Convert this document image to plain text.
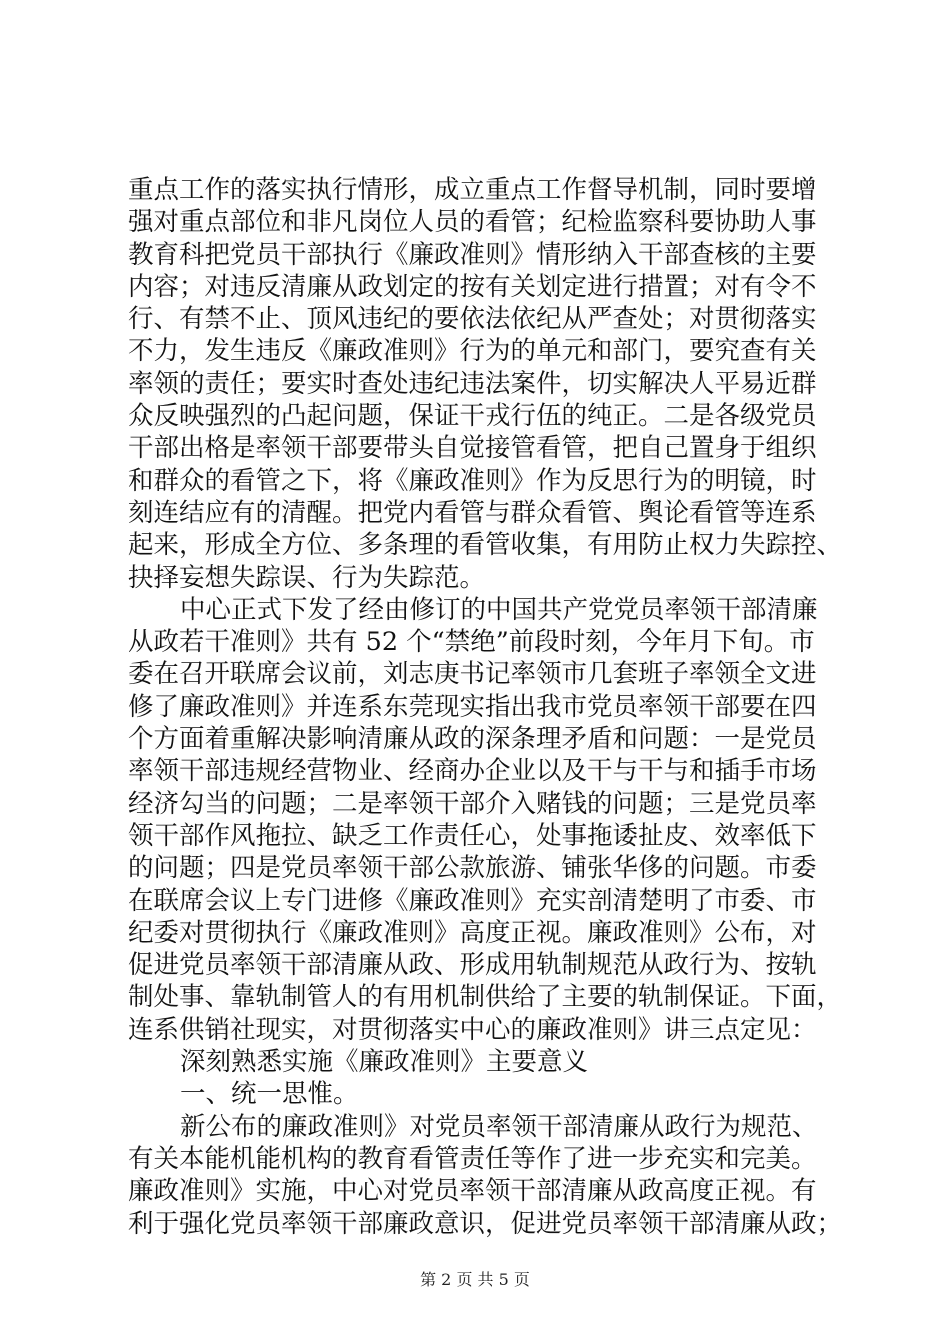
重点工作的落实执行情形，成立重点工作督导机制，同时要增
强对重点部位和非凡岗位人员的看管；纪检监察科要协助人事
教育科把党员干部执行《廉政准则》情形纳入干部查核的主要
内容；对违反清廉从政划定的按有关划定进行措置；对有令不
行、有禁不止、顶风违纪的要依法依纪从严查处；对贯彻落实
不力，发生违反《廉政准则》行为的单元和部门，要究查有关
率领的责任；要实时查处违纪违法案件，切实解决人平易近群
众反映强烈的凸起问题，保证干戎行伍的纯正。二是各级党员
干部出格是率领干部要带头自觉接管看管，把自己置身于组织
和群众的看管之下，将《廉政准则》作为反思行为的明镜，时
刻连结应有的清醒。把党内看管与群众看管、舆论看管等连系
起来，形成全方位、多条理的看管收集，有用防止权力失踪控、
抉择妄想失踪误、行为失踪范。
中心正式下发了经由修订的中国共产党党员率领干部清廉
从政若干准则》共有 52 个“禁绝”前段时刻，今年月下旬。市
委在召开联席会议前，刘志庚书记率领市几套班子率领全文进
修了廉政准则》并连系东莞现实指出我市党员率领干部要在四
个方面着重解决影响清廉从政的深条理矛盾和问题：一是党员
率领干部违规经营物业、经商办企业以及干与干与和插手市场
经济勾当的问题；二是率领干部介入赌钱的问题；三是党员率
领干部作风拖拉、缺乏工作责任心，处事拖诿扯皮、效率低下
的问题；四是党员率领干部公款旅游、铺张华侈的问题。市委
在联席会议上专门进修《廉政准则》充实剖清楚明了市委、市
纪委对贯彻执行《廉政准则》高度正视。廉政准则》公布，对
促进党员率领干部清廉从政、形成用轨制规范从政行为、按轨
制处事、靠轨制管人的有用机制供给了主要的轨制保证。下面，
连系供销社现实，对贯彻落实中心的廉政准则》讲三点定见：
深刻熟悉实施《廉政准则》主要意义
一、统一思惟。
新公布的廉政准则》对党员率领干部清廉从政行为规范、
有关本能机能机构的教育看管责任等作了进一步充实和完美。
廉政准则》实施，中心对党员率领干部清廉从政高度正视。有
利于强化党员率领干部廉政意识，促进党员率领干部清廉从政；
第 2 页 共 5 页
